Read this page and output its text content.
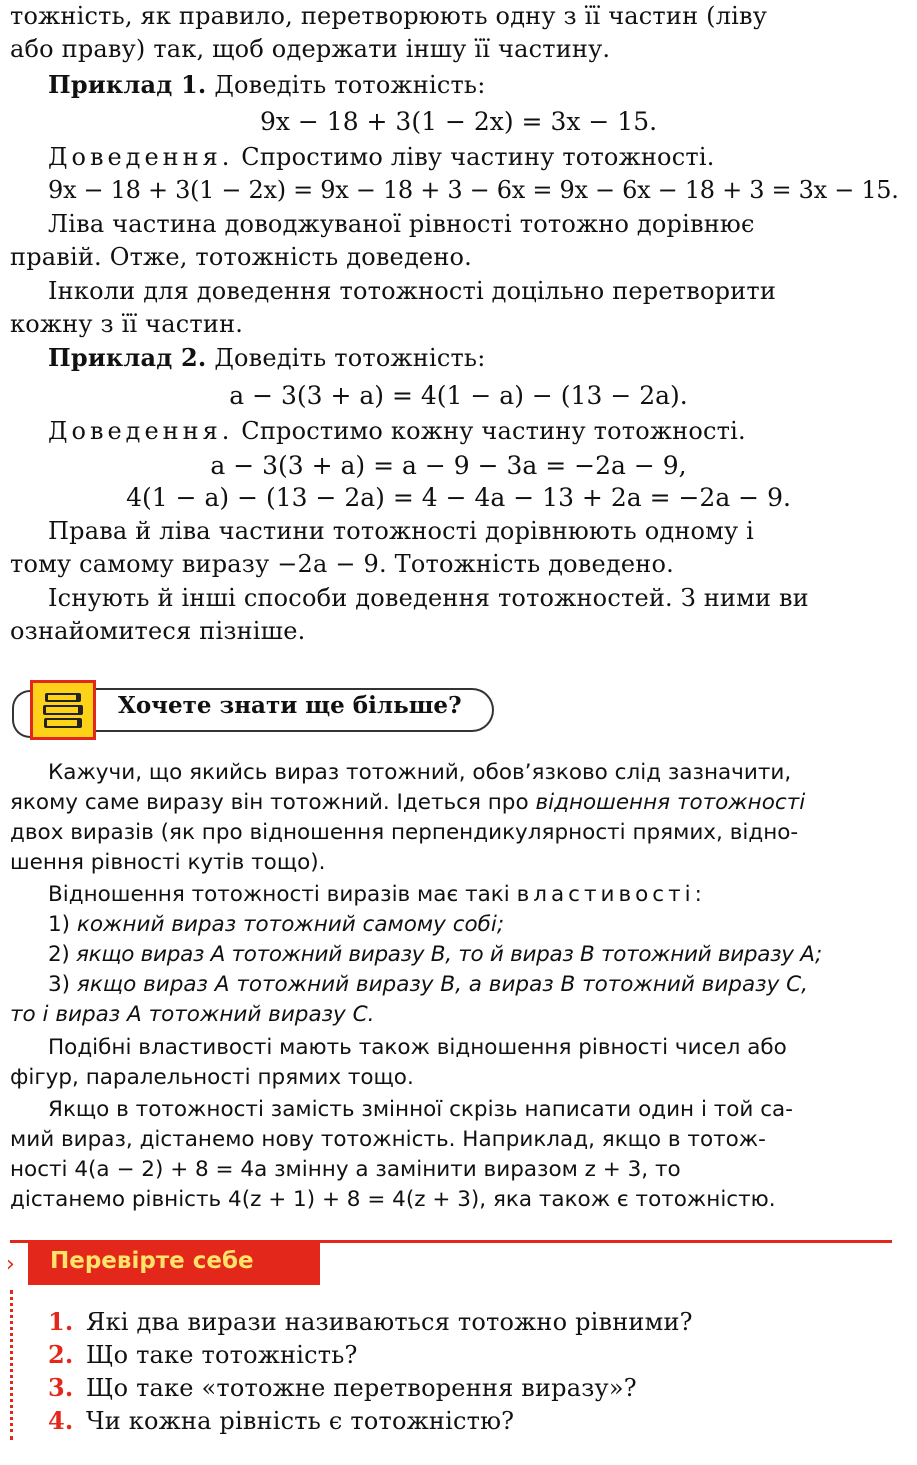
тожність, як правило, перетворюють одну з її частин (ліву
або праву) так, щоб одержати іншу її частину.
Приклад 1. Доведіть тотожність:
9x − 18 + 3(1 − 2x) = 3x − 15.
Доведення. Спростимо ліву частину тотожності.
9x − 18 + 3(1 − 2x) = 9x − 18 + 3 − 6x = 9x − 6x − 18 + 3 = 3x − 15.
Ліва частина доводжуваної рівності тотожно дорівнює
правій. Отже, тотожність доведено.
Інколи для доведення тотожності доцільно перетворити
кожну з її частин.
Приклад 2. Доведіть тотожність:
a − 3(3 + a) = 4(1 − a) − (13 − 2a).
Доведення. Спростимо кожну частину тотожності.
a − 3(3 + a) = a − 9 − 3a = −2a − 9,
4(1 − a) − (13 − 2a) = 4 − 4a − 13 + 2a = −2a − 9.
Права й ліва частини тотожності дорівнюють одному і
тому самому виразу −2a − 9. Тотожність доведено.
Існують й інші способи доведення тотожностей. З ними ви
ознайомитеся пізніше.
Хочете знати ще більше?
Кажучи, що якийсь вираз тотожний, обов’язково слід зазначити,
якому саме виразу він тотожний. Ідеться про відношення тотожності
двох виразів (як про відношення перпендикулярності прямих, відно-
шення рівності кутів тощо).
Відношення тотожності виразів має такі властивості:
1) кожний вираз тотожний самому собі;
2) якщо вираз A тотожний виразу B, то й вираз B тотожний виразу A;
3) якщо вираз A тотожний виразу B, а вираз B тотожний виразу C,
то і вираз A тотожний виразу C.
Подібні властивості мають також відношення рівності чисел або
фігур, паралельності прямих тощо.
Якщо в тотожності замість змінної скрізь написати один і той са-
мий вираз, дістанемо нову тотожність. Наприклад, якщо в тотож-
ності 4(a − 2) + 8 = 4a змінну a замінити виразом z + 3, то
дістанемо рівність 4(z + 1) + 8 = 4(z + 3), яка також є тотожністю.
› Перевірте себе
1. Які два вирази називаються тотожно рівними?
2. Що таке тотожність?
3. Що таке «тотожне перетворення виразу»?
4. Чи кожна рівність є тотожністю?
